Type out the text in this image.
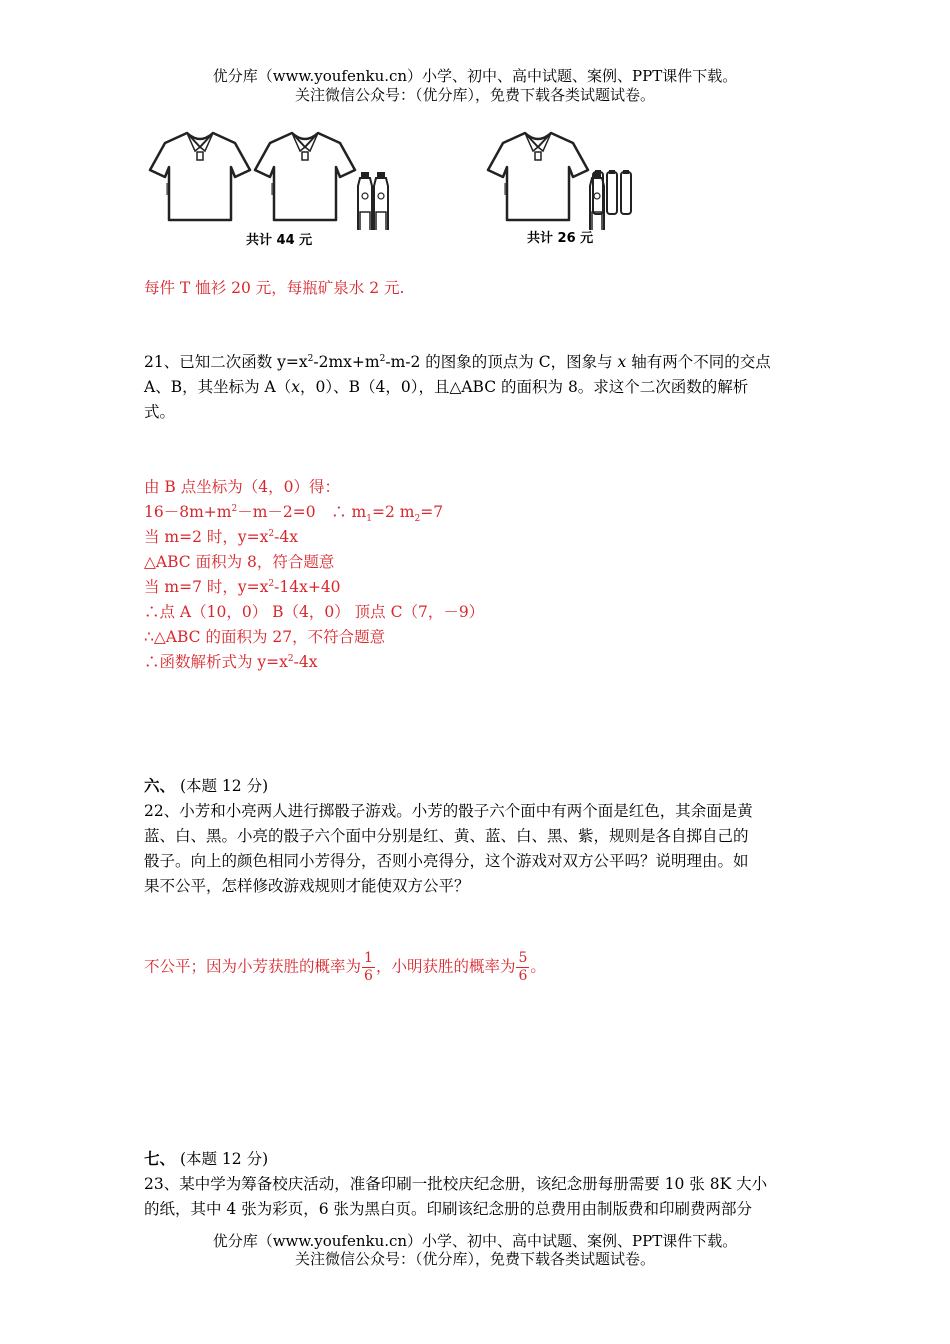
优分库（www.youfenku.cn）小学、初中、高中试题、案例、PPT课件下载。
关注微信公众号：（优分库），免费下载各类试题试卷。
共计 44 元	共计 26 元
每件 T 恤衫 20 元，每瓶矿泉水 2 元.
21、已知二次函数 $y=x^2-2mx+m^2-m-2$ 的图象的顶点为 C，图象与 x 轴有两个不同的交点
A、B，其坐标为 A（x，0）、B（4，0），且△ABC 的面积为 8。求这个二次函数的解析
式。
由 B 点坐标为（4，0）得：
$16-8m+m^2-m-2=0$　∴ $m_1=2$ $m_2=7$
当 m=2 时，$y=x^2-4x$
△ABC 面积为 8，符合题意
当 m=7 时，$y=x^2-14x+40$
∴点 A（10，0） B（4，0） 顶点 C（7，－9）
∴△ABC 的面积为 27，不符合题意
∴函数解析式为 $y=x^2-4x$
六、 (本题 12 分)
22、小芳和小亮两人进行掷骰子游戏。小芳的骰子六个面中有两个面是红色，其余面是黄
蓝、白、黑。小亮的骰子六个面中分别是红、黄、蓝、白、黑、紫，规则是各自掷自己的
骰子。向上的颜色相同小芳得分，否则小亮得分，这个游戏对双方公平吗？说明理由。如
果不公平，怎样修改游戏规则才能使双方公平？
不公平；因为小芳获胜的概率为 $\frac{1}{6}$ ，小明获胜的概率为 $\frac{5}{6}$ 。
七、 (本题 12 分)
23、某中学为筹备校庆活动，准备印刷一批校庆纪念册，该纪念册每册需要 10 张 8K 大小
的纸，其中 4 张为彩页，6 张为黑白页。印刷该纪念册的总费用由制版费和印刷费两部分
优分库（www.youfenku.cn）小学、初中、高中试题、案例、PPT课件下载。
关注微信公众号：（优分库），免费下载各类试题试卷。
